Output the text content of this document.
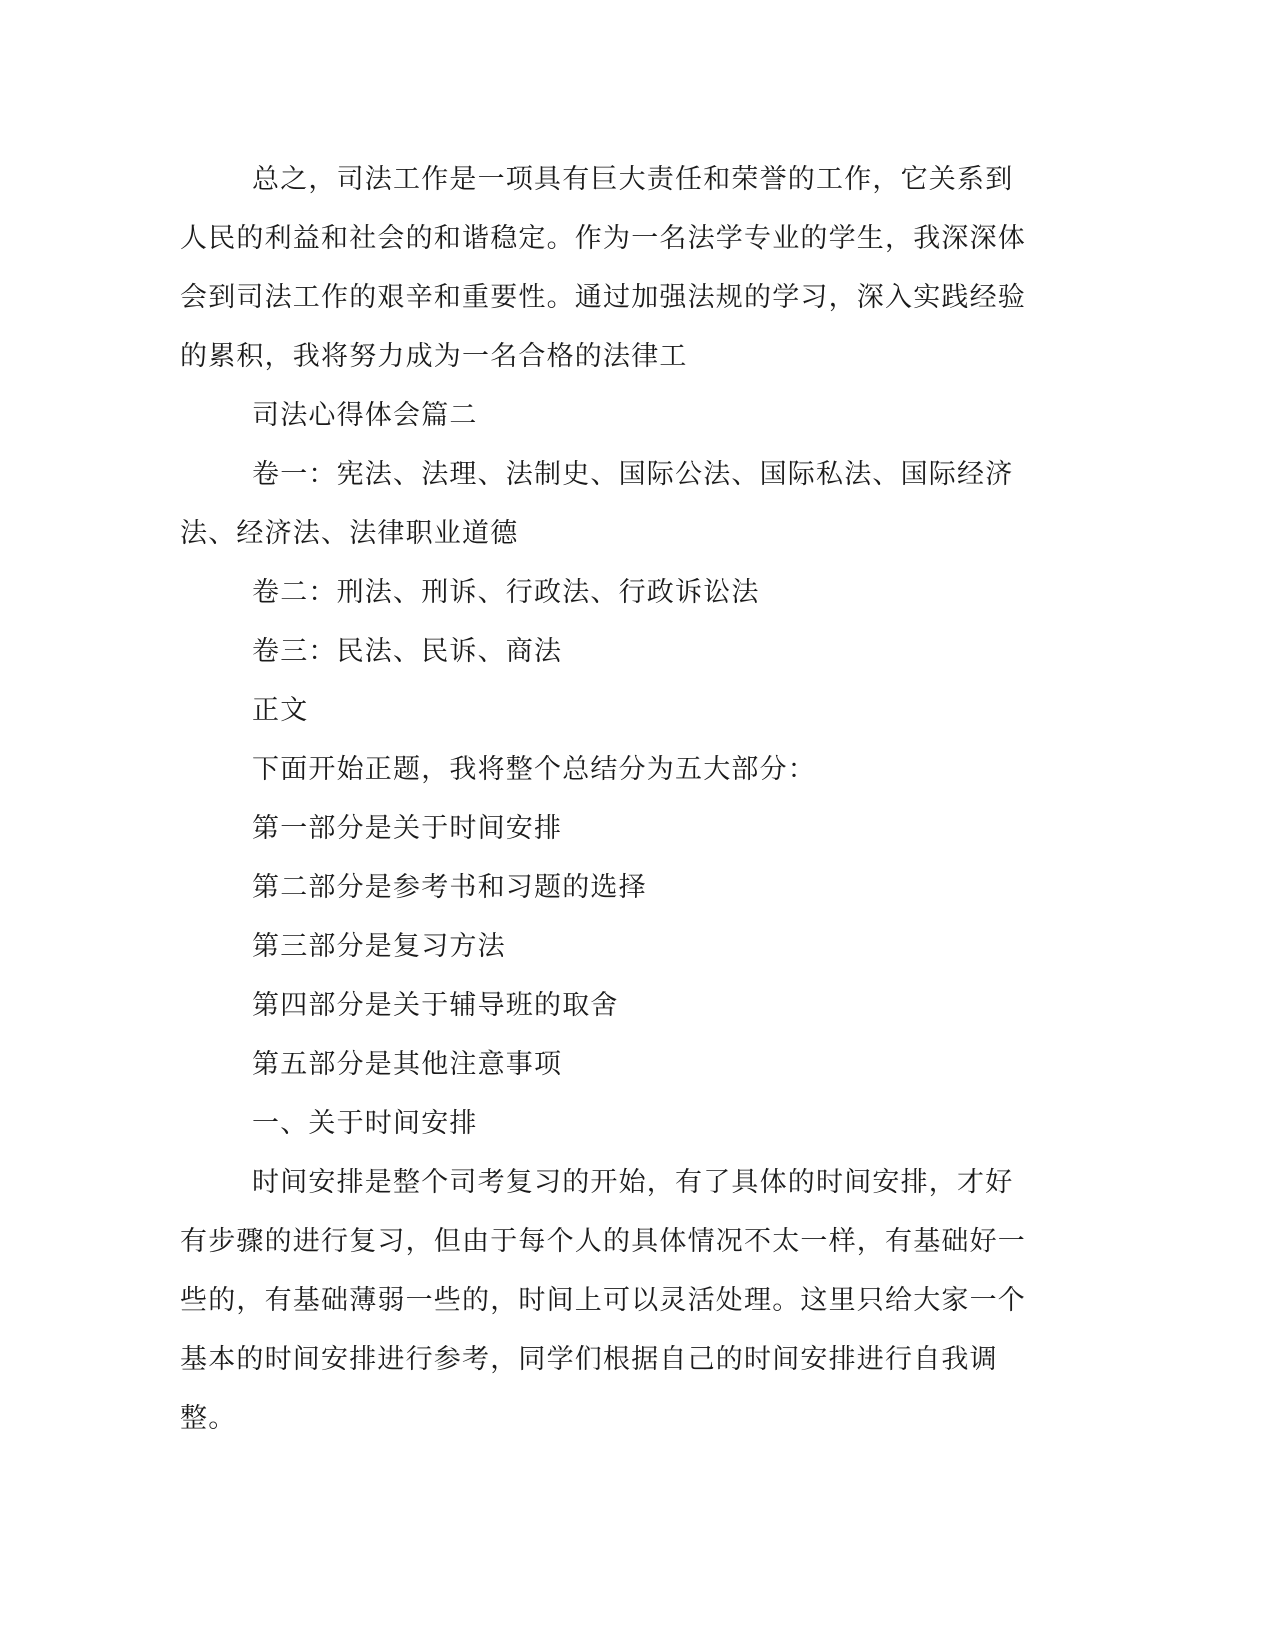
总之，司法工作是一项具有巨大责任和荣誉的工作，它关系到人民的利益和社会的和谐稳定。作为一名法学专业的学生，我深深体会到司法工作的艰辛和重要性。通过加强法规的学习，深入实践经验的累积，我将努力成为一名合格的法律工

司法心得体会篇二

卷一：宪法、法理、法制史、国际公法、国际私法、国际经济法、经济法、法律职业道德

卷二：刑法、刑诉、行政法、行政诉讼法

卷三：民法、民诉、商法

正文

下面开始正题，我将整个总结分为五大部分：

第一部分是关于时间安排

第二部分是参考书和习题的选择

第三部分是复习方法

第四部分是关于辅导班的取舍

第五部分是其他注意事项

一、关于时间安排

时间安排是整个司考复习的开始，有了具体的时间安排，才好有步骤的进行复习，但由于每个人的具体情况不太一样，有基础好一些的，有基础薄弱一些的，时间上可以灵活处理。这里只给大家一个基本的时间安排进行参考，同学们根据自己的时间安排进行自我调整。
